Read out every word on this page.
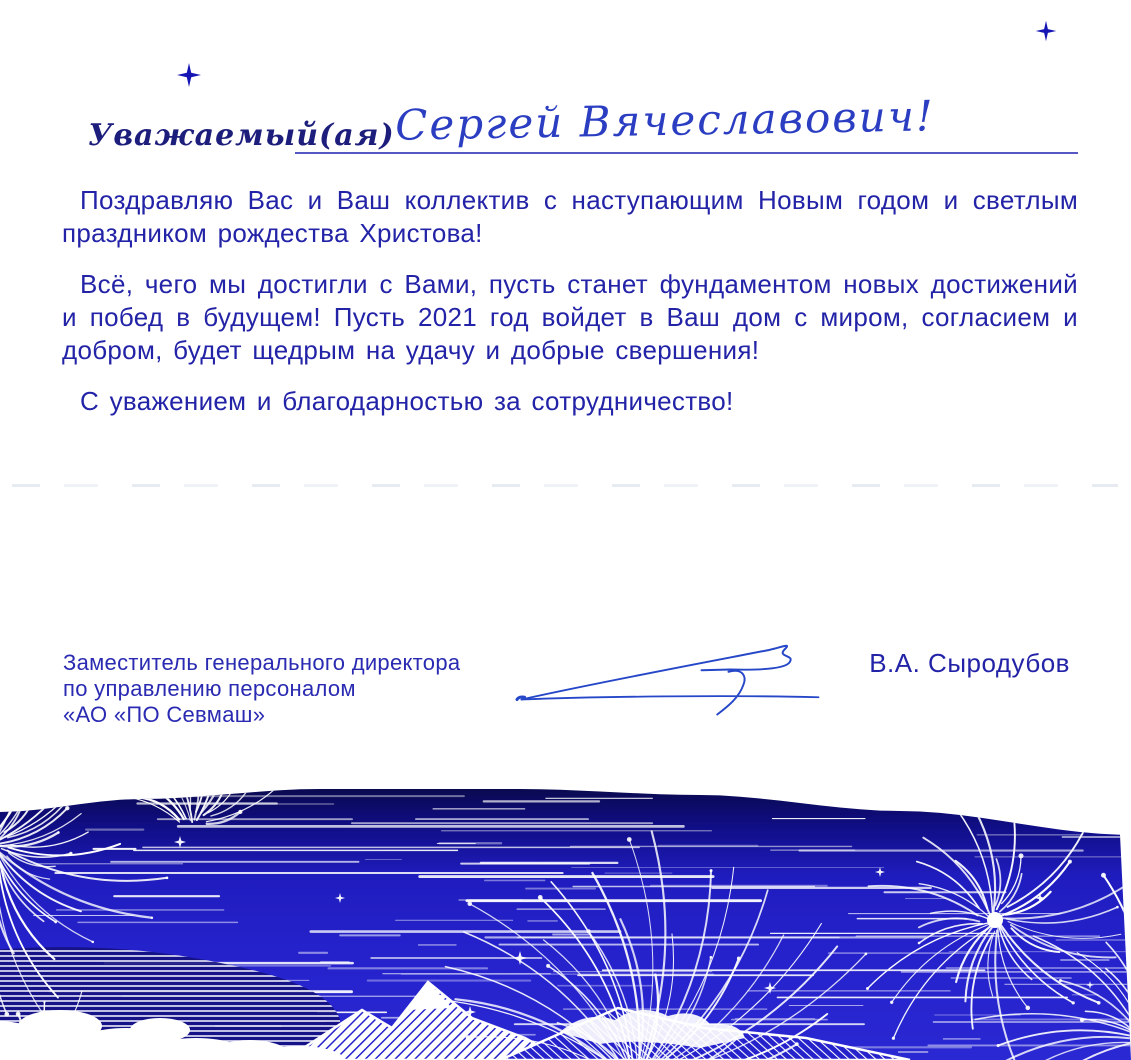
Уважаемый(ая) Сергей Вячеславович!

Поздравляю Вас и Ваш коллектив с наступающим Новым годом и светлым праздником рождества Христова!

Всё, чего мы достигли с Вами, пусть станет фундаментом новых достижений и побед в будущем! Пусть 2021 год войдет в Ваш дом с миром, согласием и добром, будет щедрым на удачу и добрые свершения!

С уважением и благодарностью за сотрудничество!

Заместитель генерального директора
по управлению персоналом
«АО «ПО Севмаш»
В.А. Сыродубов
